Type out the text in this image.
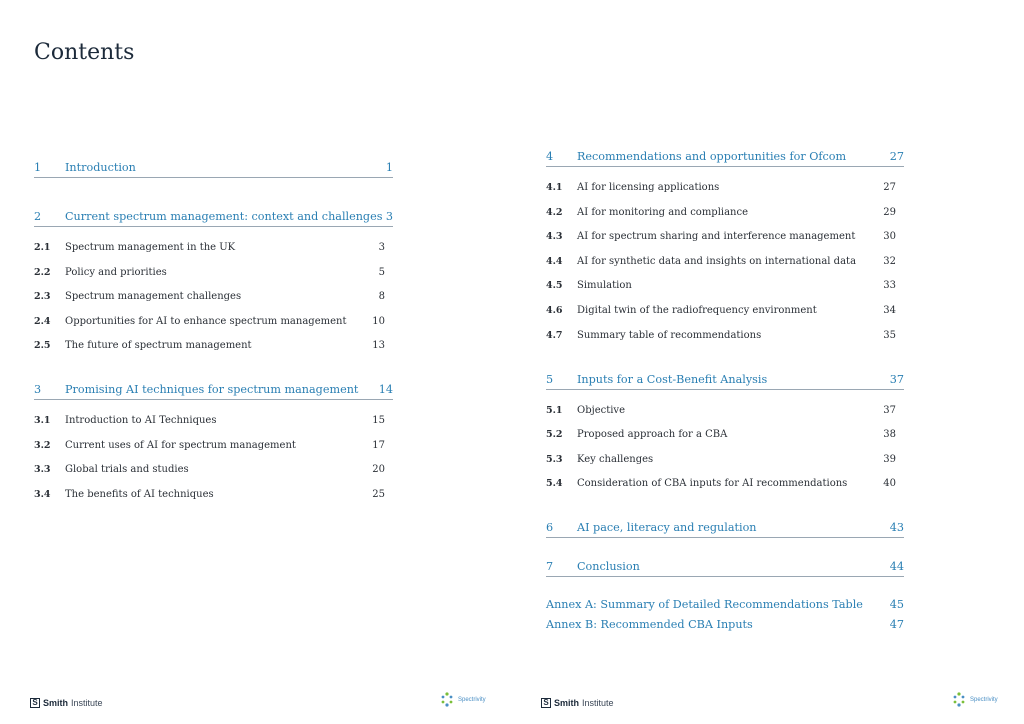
Contents
1	Introduction	1
2	Current spectrum management: context and challenges 3
2.1	Spectrum management in the UK	3
2.2	Policy and priorities	5
2.3	Spectrum management challenges	8
2.4	Opportunities for AI to enhance spectrum management	10
2.5	The future of spectrum management	13
3	Promising AI techniques for spectrum management	14
3.1	Introduction to AI Techniques	15
3.2	Current uses of AI for spectrum management	17
3.3	Global trials and studies	20
3.4	The benefits of AI techniques	25
4	Recommendations and opportunities for Ofcom	27
4.1	AI for licensing applications	27
4.2	AI for monitoring and compliance	29
4.3	AI for spectrum sharing and interference management	30
4.4	AI for synthetic data and insights on international data	32
4.5	Simulation	33
4.6	Digital twin of the radiofrequency environment	34
4.7	Summary table of recommendations	35
5	Inputs for a Cost-Benefit Analysis	37
5.1	Objective	37
5.2	Proposed approach for a CBA	38
5.3	Key challenges	39
5.4	Consideration of CBA inputs for AI recommendations	40
6	AI pace, literacy and regulation	43
7	Conclusion	44
Annex A: Summary of Detailed Recommendations Table	45
Annex B: Recommended CBA Inputs	47
S Smith Institute	Spectrivity	S Smith Institute	Spectrivity
